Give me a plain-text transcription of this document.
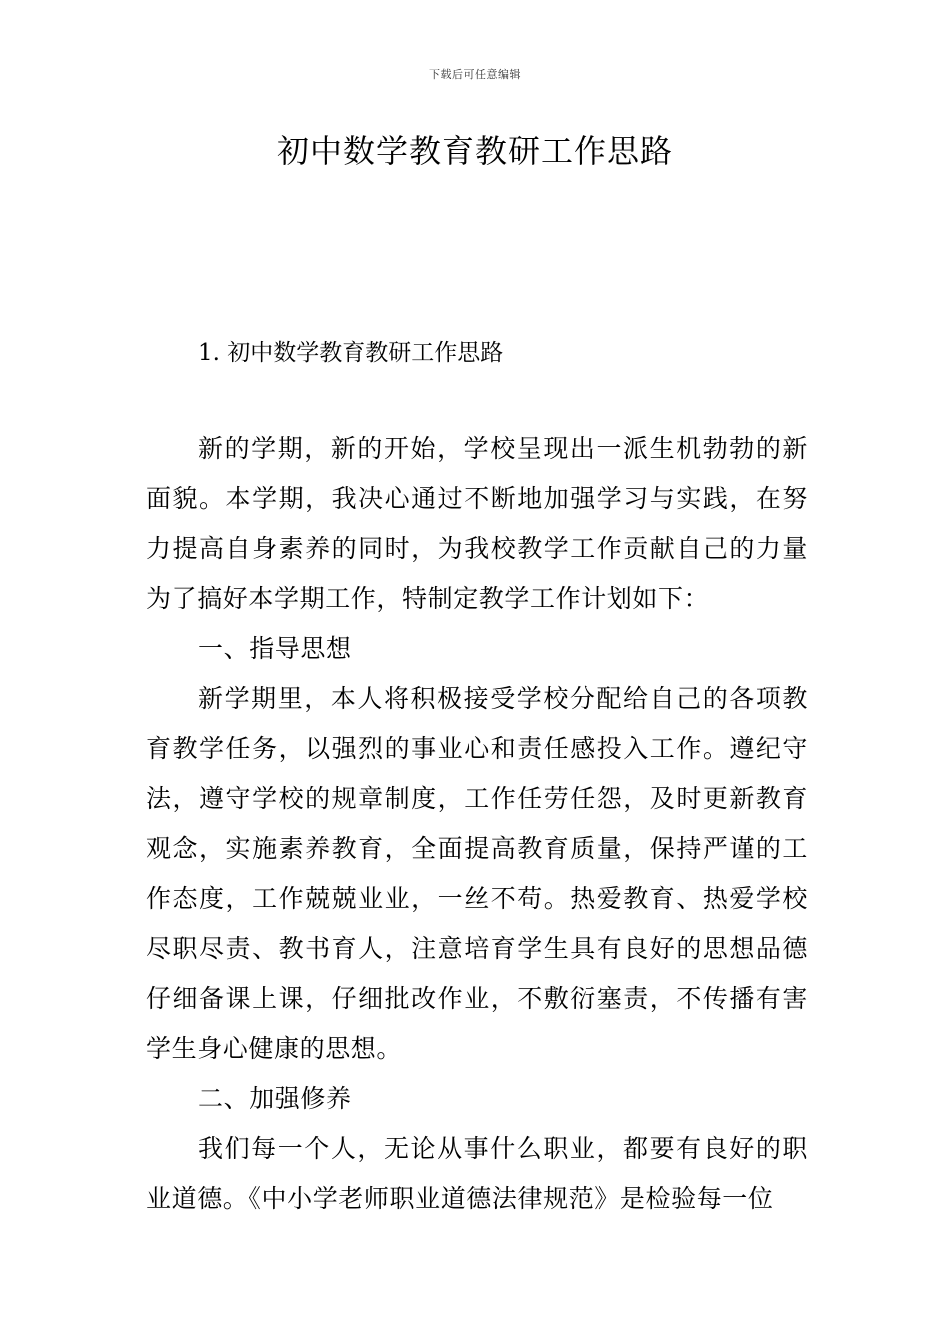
下载后可任意编辑
初中数学教育教研工作思路

1. 初中数学教育教研工作思路

新的学期，新的开始，学校呈现出一派生机勃勃的新面貌。本学期，我决心通过不断地加强学习与实践，在努力提高自身素养的同时，为我校教学工作贡献自己的力量为了搞好本学期工作，特制定教学工作计划如下：

一、指导思想

新学期里，本人将积极接受学校分配给自己的各项教育教学任务，以强烈的事业心和责任感投入工作。遵纪守法，遵守学校的规章制度，工作任劳任怨，及时更新教育观念，实施素养教育，全面提高教育质量，保持严谨的工作态度，工作兢兢业业，一丝不苟。热爱教育、热爱学校尽职尽责、教书育人，注意培育学生具有良好的思想品德仔细备课上课，仔细批改作业，不敷衍塞责，不传播有害学生身心健康的思想。

二、加强修养

我们每一个人，无论从事什么职业，都要有良好的职业道德。《中小学老师职业道德法律规范》是检验每一位
